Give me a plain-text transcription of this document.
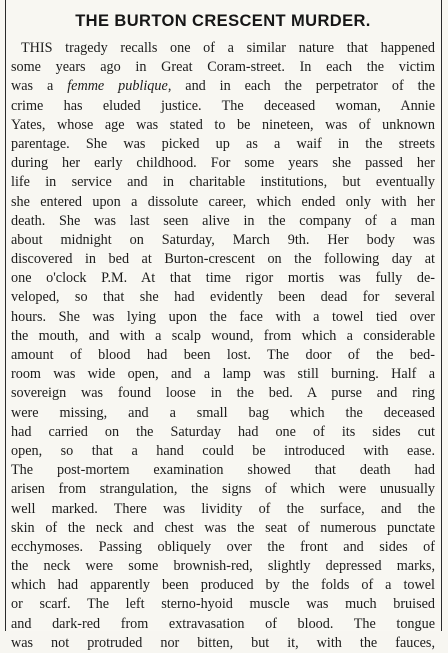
THE BURTON CRESCENT MURDER.
THIS tragedy recalls one of a similar nature that happened
some years ago in Great Coram-street. In each the victim
was a femme publique, and in each the perpetrator of the
crime has eluded justice. The deceased woman, Annie
Yates, whose age was stated to be nineteen, was of unknown
parentage. She was picked up as a waif in the streets
during her early childhood. For some years she passed her
life in service and in charitable institutions, but eventually
she entered upon a dissolute career, which ended only with her
death. She was last seen alive in the company of a man
about midnight on Saturday, March 9th. Her body was
discovered in bed at Burton-crescent on the following day at
one o'clock P.M. At that time rigor mortis was fully de-
veloped, so that she had evidently been dead for several
hours. She was lying upon the face with a towel tied over
the mouth, and with a scalp wound, from which a considerable
amount of blood had been lost. The door of the bed-
room was wide open, and a lamp was still burning. Half a
sovereign was found loose in the bed. A purse and ring
were missing, and a small bag which the deceased
had carried on the Saturday had one of its sides cut
open, so that a hand could be introduced with ease.
The post-mortem examination showed that death had
arisen from strangulation, the signs of which were unusually
well marked. There was lividity of the surface, and the
skin of the neck and chest was the seat of numerous punctate
ecchymoses. Passing obliquely over the front and sides of
the neck were some brownish-red, slightly depressed marks,
which had apparently been produced by the folds of a towel
or scarf. The left sterno-hyoid muscle was much bruised
and dark-red from extravasation of blood. The tongue
was not protruded nor bitten, but it, with the fauces,
